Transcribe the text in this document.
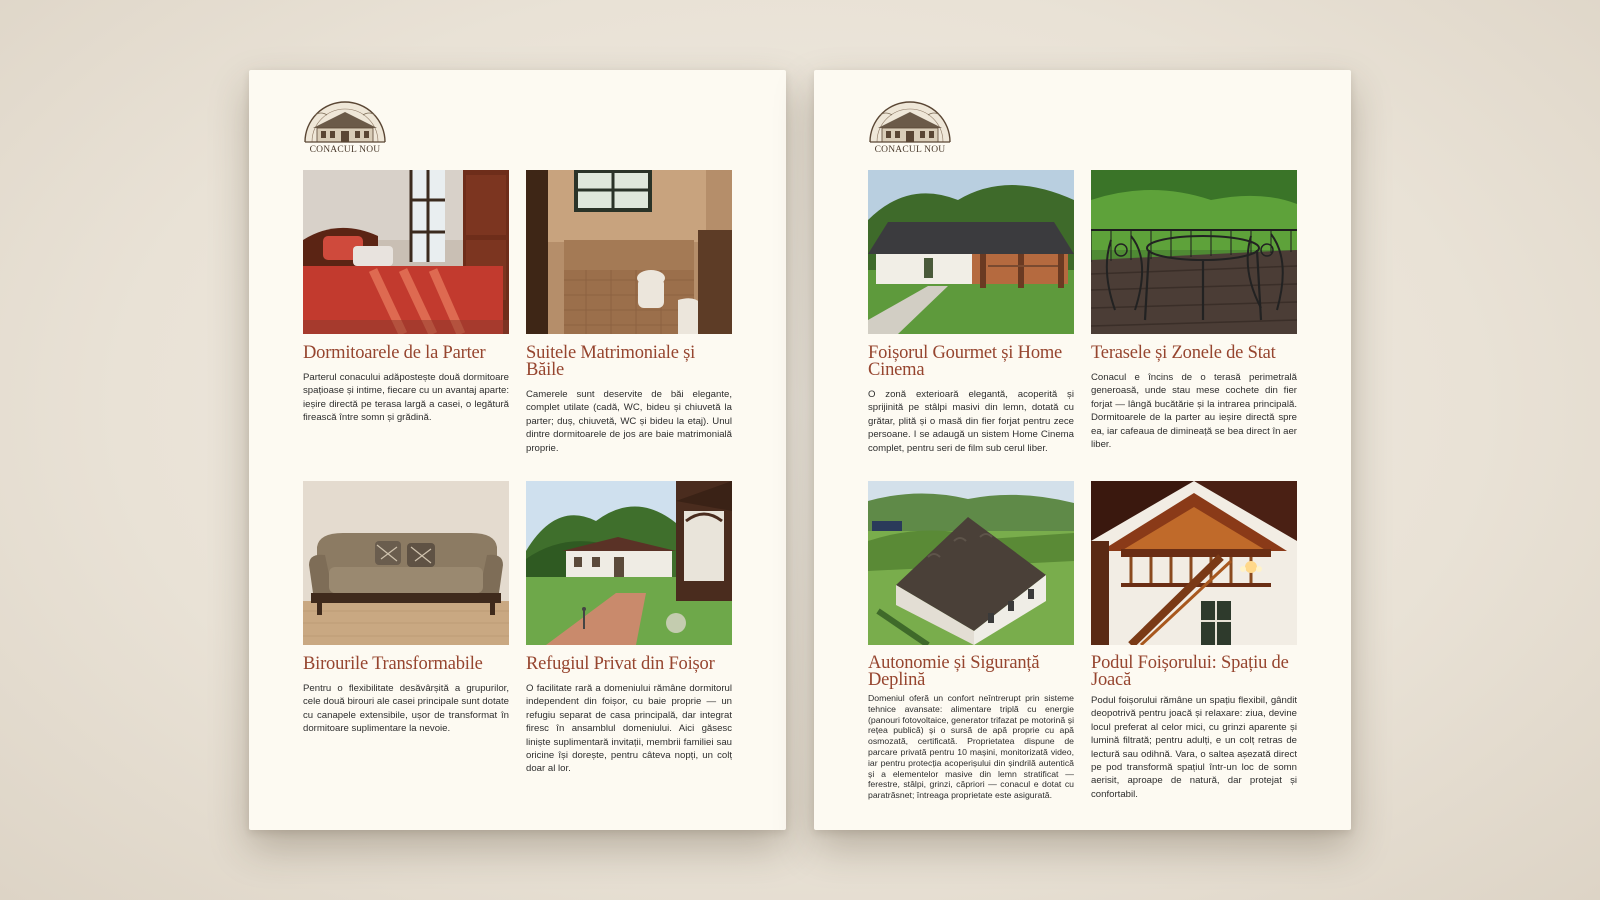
CONACUL NOU
Dormitoarele de la Parter

Parterul conacului adăpostește două dormitoare spațioase și intime, fiecare cu un avantaj aparte: ieșire directă pe terasa largă a casei, o legătură firească între somn și grădină.

Suitele Matrimoniale și Băile

Camerele sunt deservite de băi elegante, complet utilate (cadă, WC, bideu și chiuvetă la parter; duș, chiuvetă, WC și bideu la etaj). Unul dintre dormitoarele de jos are baie matrimonială proprie.

Birourile Transformabile

Pentru o flexibilitate desăvârșită a grupurilor, cele două birouri ale casei principale sunt dotate cu canapele extensibile, ușor de transformat în dormitoare suplimentare la nevoie.

Refugiul Privat din Foișor

O facilitate rară a domeniului rămâne dormitorul independent din foișor, cu baie proprie — un refugiu separat de casa principală, dar integrat firesc în ansamblul domeniului. Aici găsesc liniște suplimentară invitații, membrii familiei sau oricine își dorește, pentru câteva nopți, un colț doar al lor.

CONACUL NOU
Foișorul Gourmet și Home Cinema

O zonă exterioară elegantă, acoperită și sprijinită pe stâlpi masivi din lemn, dotată cu grătar, plită și o masă din fier forjat pentru zece persoane. I se adaugă un sistem Home Cinema complet, pentru seri de film sub cerul liber.

Terasele și Zonele de Stat

Conacul e încins de o terasă perimetrală generoasă, unde stau mese cochete din fier forjat — lângă bucătărie și la intrarea principală. Dormitoarele de la parter au ieșire directă spre ea, iar cafeaua de dimineață se bea direct în aer liber.

Autonomie și Siguranță Deplină

Domeniul oferă un confort neîntrerupt prin sisteme tehnice avansate: alimentare triplă cu energie (panouri fotovoltaice, generator trifazat pe motorină și rețea publică) și o sursă de apă proprie cu apă osmozată, certificată. Proprietatea dispune de parcare privată pentru 10 mașini, monitorizată video, iar pentru protecția acoperișului din șindrilă autentică și a elementelor masive din lemn stratificat — ferestre, stâlpi, grinzi, căpriori — conacul e dotat cu paratrăsnet; întreaga proprietate este asigurată.

Podul Foișorului: Spațiu de Joacă

Podul foișorului rămâne un spațiu flexibil, gândit deopotrivă pentru joacă și relaxare: ziua, devine locul preferat al celor mici, cu grinzi aparente și lumină filtrată; pentru adulți, e un colț retras de lectură sau odihnă. Vara, o saltea așezată direct pe pod transformă spațiul într-un loc de somn aerisit, aproape de natură, dar protejat și confortabil.
